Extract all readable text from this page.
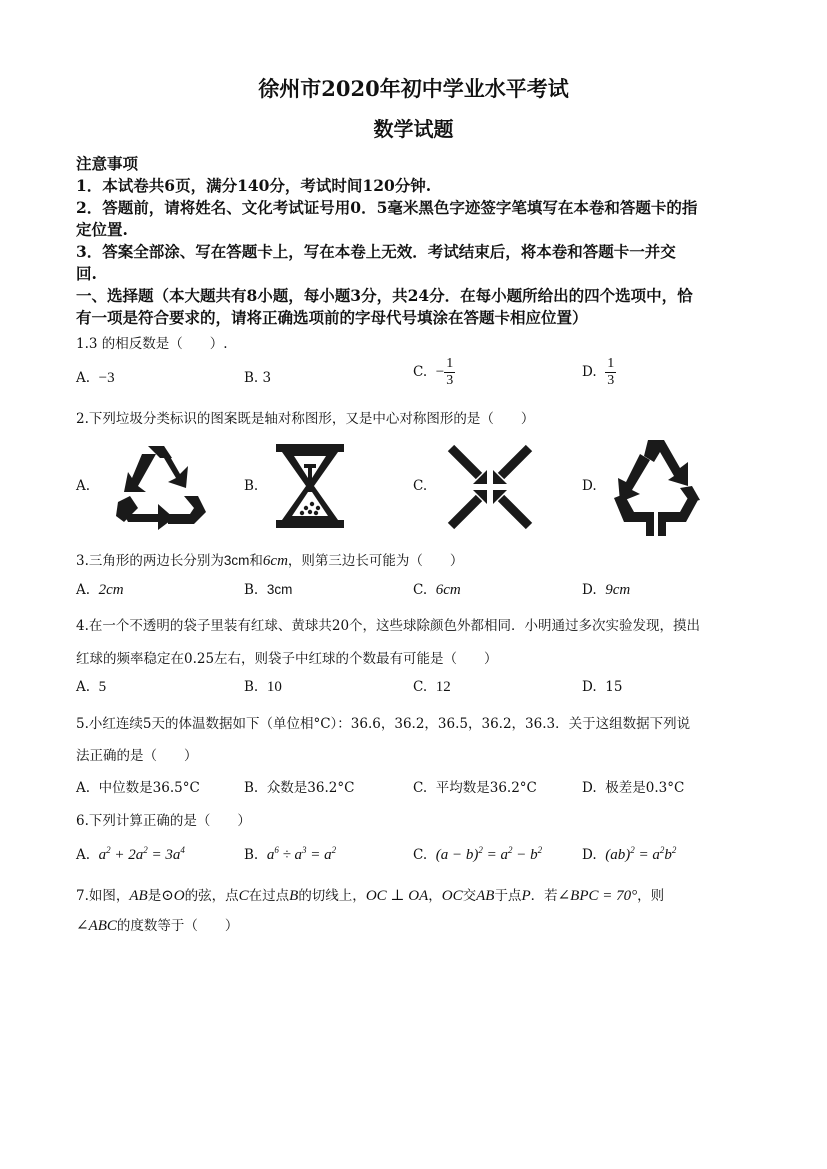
徐州市2020年初中学业水平考试
数学试题
注意事项
1．本试卷共6页，满分140分，考试时间120分钟.
2．答题前，请将姓名、文化考试证号用0．5毫米黑色字迹签字笔填写在本卷和答题卡的指
定位置.
3．答案全部涂、写在答题卡上，写在本卷上无效．考试结束后，将本卷和答题卡一并交
回.
一、选择题（本大题共有8小题，每小题3分，共24分．在每小题所给出的四个选项中，恰
有一项是符合要求的，请将正确选项前的字母代号填涂在答题卡相应位置）
1.3 的相反数是（　　）.
A. −3	B. 3	C. − $\frac{1}{3}$	D. $\frac{1}{3}$
2.下列垃圾分类标识的图案既是轴对称图形，又是中心对称图形的是（　　）
A.	B.	C.	D.
3.三角形的两边长分别为3cm和6cm，则第三边长可能为（　　）
A. 2cm	B. 3cm	C. 6cm	D. 9cm
4.在一个不透明的袋子里装有红球、黄球共20个，这些球除颜色外都相同．小明通过多次实验发现，摸出
红球的频率稳定在0.25左右，则袋子中红球的个数最有可能是（　　）
A. 5	B. 10	C. 12	D. 15
5.小红连续5天的体温数据如下（单位相°C）：36.6，36.2，36.5，36.2，36.3．关于这组数据下列说
法正确的是（　　）
A. 中位数是36.5°C	B. 众数是36.2°C	C. 平均数是36.2°C	D. 极差是0.3°C
6.下列计算正确的是（　　）
A. $a^2 + 2a^2 = 3a^4$	B. $a^6 \div a^3 = a^2$	C. $(a - b)^2 = a^2 - b^2$	D. $(ab)^2 = a^2b^2$
7.如图，AB是⊙O的弦，点C在过点B的切线上，OC ⊥ OA，OC交AB于点P．若∠BPC = 70°，则
∠ABC的度数等于（　　）
